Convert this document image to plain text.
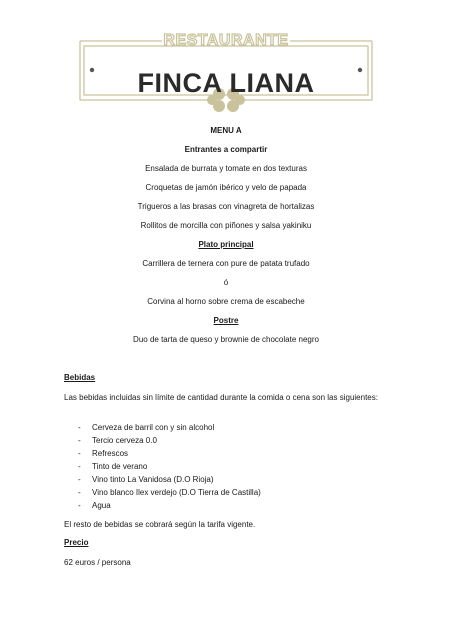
RESTAURANTE
FINCA LIANA
MENU A
Entrantes a compartir
Ensalada de burrata y tomate en dos texturas
Croquetas de jamón ibérico y velo de papada
Trigueros a las brasas con vinagreta de hortalizas
Rollitos de morcilla con piñones y salsa yakiniku
Plato principal
Carrillera de ternera con pure de patata trufado
ó
Corvina al horno sobre crema de escabeche
Postre
Duo de tarta de queso y brownie de chocolate negro
Bebidas
Las bebidas incluidas sin límite de cantidad durante la comida o cena son las siguientes:
- Cerveza de barril con y sin alcohol
- Tercio cerveza 0.0
- Refrescos
- Tinto de verano
- Vino tinto La Vanidosa (D.O Rioja)
- Vino blanco Ilex verdejo (D.O Tierra de Castilla)
- Agua
El resto de bebidas se cobrará según la tarifa vigente.
Precio
62 euros / persona
